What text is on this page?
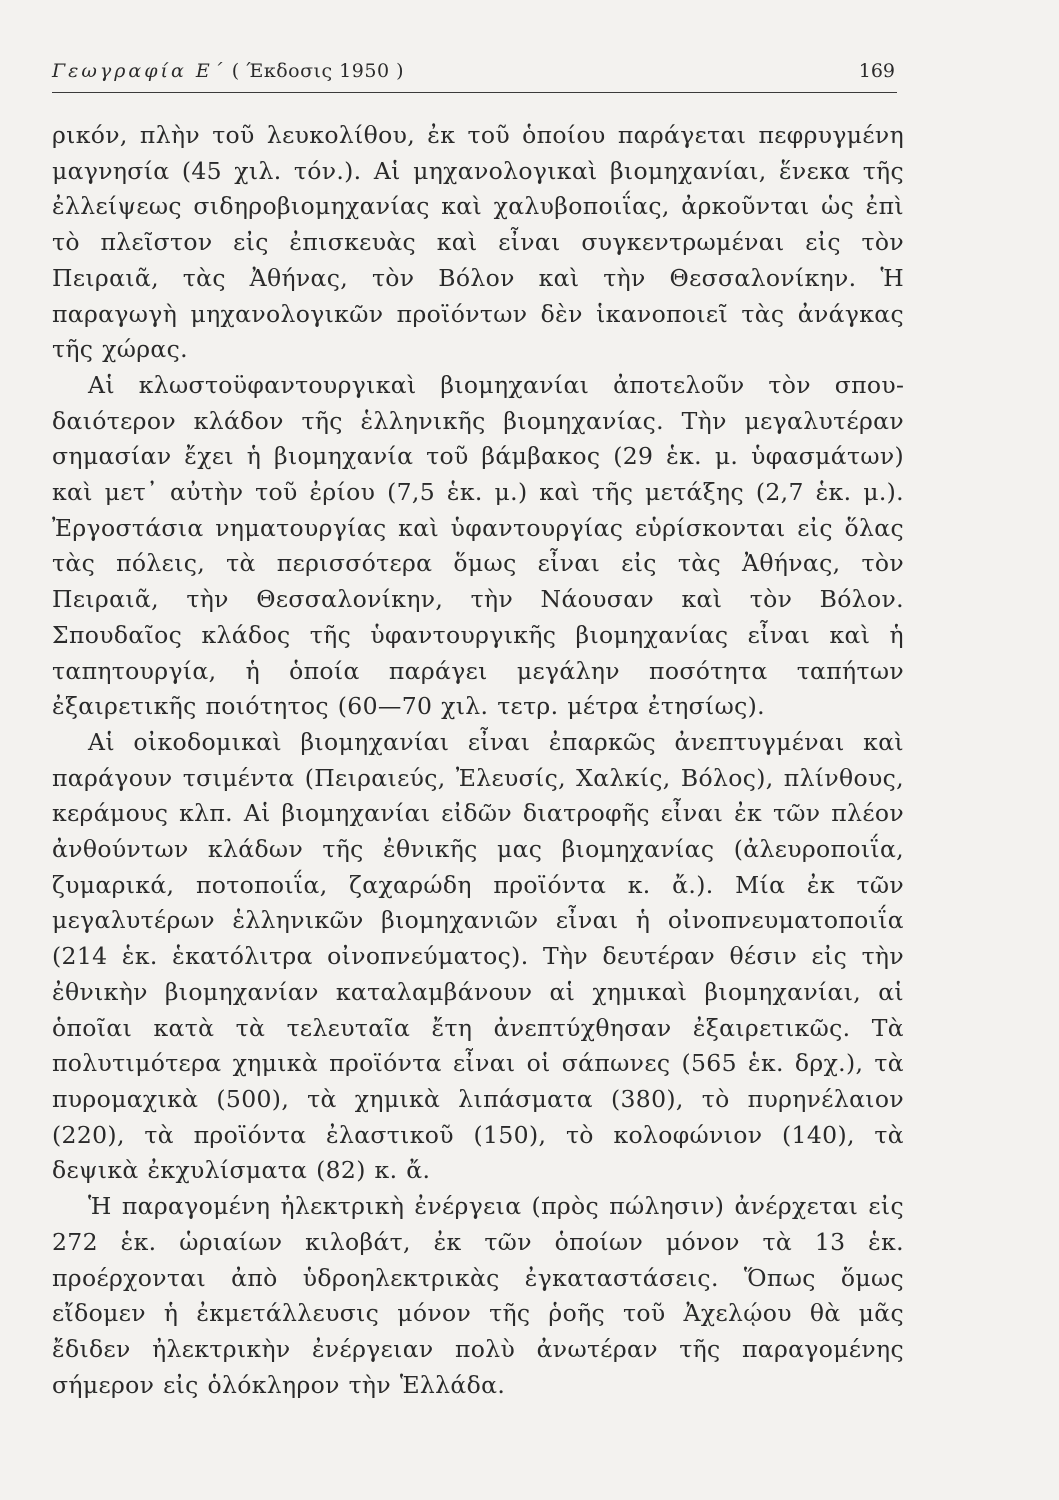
Γεωγραφία Ε΄ ( Έκδοσις 1950 )	169

ρικόν, πλὴν τοῦ λευκολίθου, ἐκ τοῦ ὁποίου παράγεται πεφρυγμένη μαγνησία (45 χιλ. τόν.). Αἱ μηχανολογικαὶ βιομηχανίαι, ἕνεκα τῆς ἐλλείψεως σιδηροβιομηχανίας καὶ χαλυβοποιΐας, ἀρκοῦνται ὡς ἐπὶ τὸ πλεῖστον εἰς ἐπισκευὰς καὶ εἶναι συγκεντρωμέναι εἰς τὸν Πειραιᾶ, τὰς Ἀθήνας, τὸν Βόλον καὶ τὴν Θεσσαλονίκην. Ἡ παραγωγὴ μηχανολογικῶν προϊόντων δὲν ἱκανοποιεῖ τὰς ἀνάγκας τῆς χώρας.

Αἱ κλωστοϋφαντουργικαὶ βιομηχανίαι ἀποτελοῦν τὸν σπουδαιότερον κλάδον τῆς ἑλληνικῆς βιομηχανίας. Τὴν μεγαλυτέραν σημασίαν ἔχει ἡ βιομηχανία τοῦ βάμβακος (29 ἑκ. μ. ὑφασμάτων) καὶ μετ᾽ αὐτὴν τοῦ ἐρίου (7,5 ἑκ. μ.) καὶ τῆς μετάξης (2,7 ἑκ. μ.). Ἐργοστάσια νηματουργίας καὶ ὑφαντουργίας εὑρίσκονται εἰς ὅλας τὰς πόλεις, τὰ περισσότερα ὅμως εἶναι εἰς τὰς Ἀθήνας, τὸν Πειραιᾶ, τὴν Θεσσαλονίκην, τὴν Νάουσαν καὶ τὸν Βόλον. Σπουδαῖος κλάδος τῆς ὑφαντουργικῆς βιομηχανίας εἶναι καὶ ἡ ταπητουργία, ἡ ὁποία παράγει μεγάλην ποσότητα ταπήτων ἐξαιρετικῆς ποιότητος (60—70 χιλ. τετρ. μέτρα ἐτησίως).

Αἱ οἰκοδομικαὶ βιομηχανίαι εἶναι ἐπαρκῶς ἀνεπτυγμέναι καὶ παράγουν τσιμέντα (Πειραιεύς, Ἐλευσίς, Χαλκίς, Βόλος), πλίνθους, κεράμους κλπ. Αἱ βιομηχανίαι εἰδῶν διατροφῆς εἶναι ἐκ τῶν πλέον ἀνθούντων κλάδων τῆς ἐθνικῆς μας βιομηχανίας (ἀλευροποιΐα, ζυμαρικά, ποτοποιΐα, ζαχαρώδη προϊόντα κ. ἄ.). Μία ἐκ τῶν μεγαλυτέρων ἑλληνικῶν βιομηχανιῶν εἶναι ἡ οἰνοπνευματοποιΐα (214 ἑκ. ἑκατόλιτρα οἰνοπνεύματος). Τὴν δευτέραν θέσιν εἰς τὴν ἐθνικὴν βιομηχανίαν καταλαμβάνουν αἱ χημικαὶ βιομηχανίαι, αἱ ὁποῖαι κατὰ τὰ τελευταῖα ἔτη ἀνεπτύχθησαν ἐξαιρετικῶς. Τὰ πολυτιμότερα χημικὰ προϊόντα εἶναι οἱ σάπωνες (565 ἑκ. δρχ.), τὰ πυρομαχικὰ (500), τὰ χημικὰ λιπάσματα (380), τὸ πυρηνέλαιον (220), τὰ προϊόντα ἐλαστικοῦ (150), τὸ κολοφώνιον (140), τὰ δεψικὰ ἐκχυλίσματα (82) κ. ἄ.

Ἡ παραγομένη ἠλεκτρικὴ ἐνέργεια (πρὸς πώλησιν) ἀνέρχεται εἰς 272 ἑκ. ὡριαίων κιλοβάτ, ἐκ τῶν ὁποίων μόνον τὰ 13 ἑκ. προέρχονται ἀπὸ ὑδροηλεκτρικὰς ἐγκαταστάσεις. Ὅπως ὅμως εἴδομεν ἡ ἐκμετάλλευσις μόνον τῆς ῥοῆς τοῦ Ἀχελῴου θὰ μᾶς ἔδιδεν ἠλεκτρικὴν ἐνέργειαν πολὺ ἀνωτέραν τῆς παραγομένης σήμερον εἰς ὁλόκληρον τὴν Ἑλλάδα.
